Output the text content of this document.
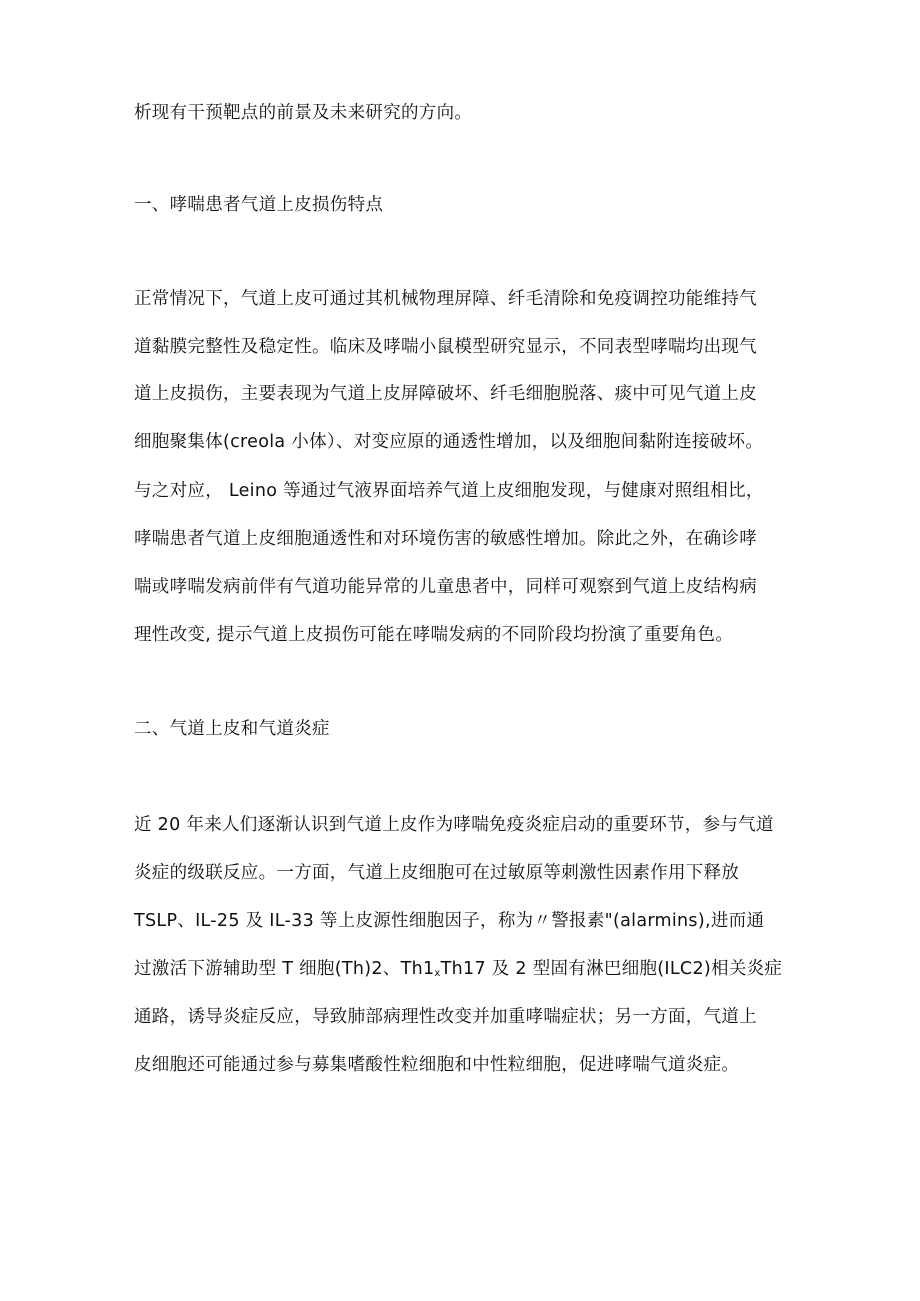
析现有干预靶点的前景及未来研究的方向。
一、哮喘患者气道上皮损伤特点
正常情况下，气道上皮可通过其机械物理屏障、纤毛清除和免疫调控功能维持气
道黏膜完整性及稳定性。临床及哮喘小鼠模型研究显示，不同表型哮喘均出现气
道上皮损伤，主要表现为气道上皮屏障破坏、纤毛细胞脱落、痰中可见气道上皮
细胞聚集体(creola 小体）、对变应原的通透性增加，以及细胞间黏附连接破坏。
与之对应， Leino 等通过气液界面培养气道上皮细胞发现，与健康对照组相比，
哮喘患者气道上皮细胞通透性和对环境伤害的敏感性增加。除此之外，在确诊哮
喘或哮喘发病前伴有气道功能异常的儿童患者中，同样可观察到气道上皮结构病
理性改变, 提示气道上皮损伤可能在哮喘发病的不同阶段均扮演了重要角色。
二、气道上皮和气道炎症
近 20 年来人们逐渐认识到气道上皮作为哮喘免疫炎症启动的重要环节，参与气道
炎症的级联反应。一方面，气道上皮细胞可在过敏原等刺激性因素作用下释放
TSLP、IL-25 及 IL-33 等上皮源性细胞因子，称为〃警报素"(alarmins),进而通
过激活下游辅助型 T 细胞(Th)2、$Th1_xTh17$ 及 2 型固有淋巴细胞(ILC2)相关炎症
通路，诱导炎症反应，导致肺部病理性改变并加重哮喘症状；另一方面，气道上
皮细胞还可能通过参与募集嗜酸性粒细胞和中性粒细胞，促进哮喘气道炎症。
